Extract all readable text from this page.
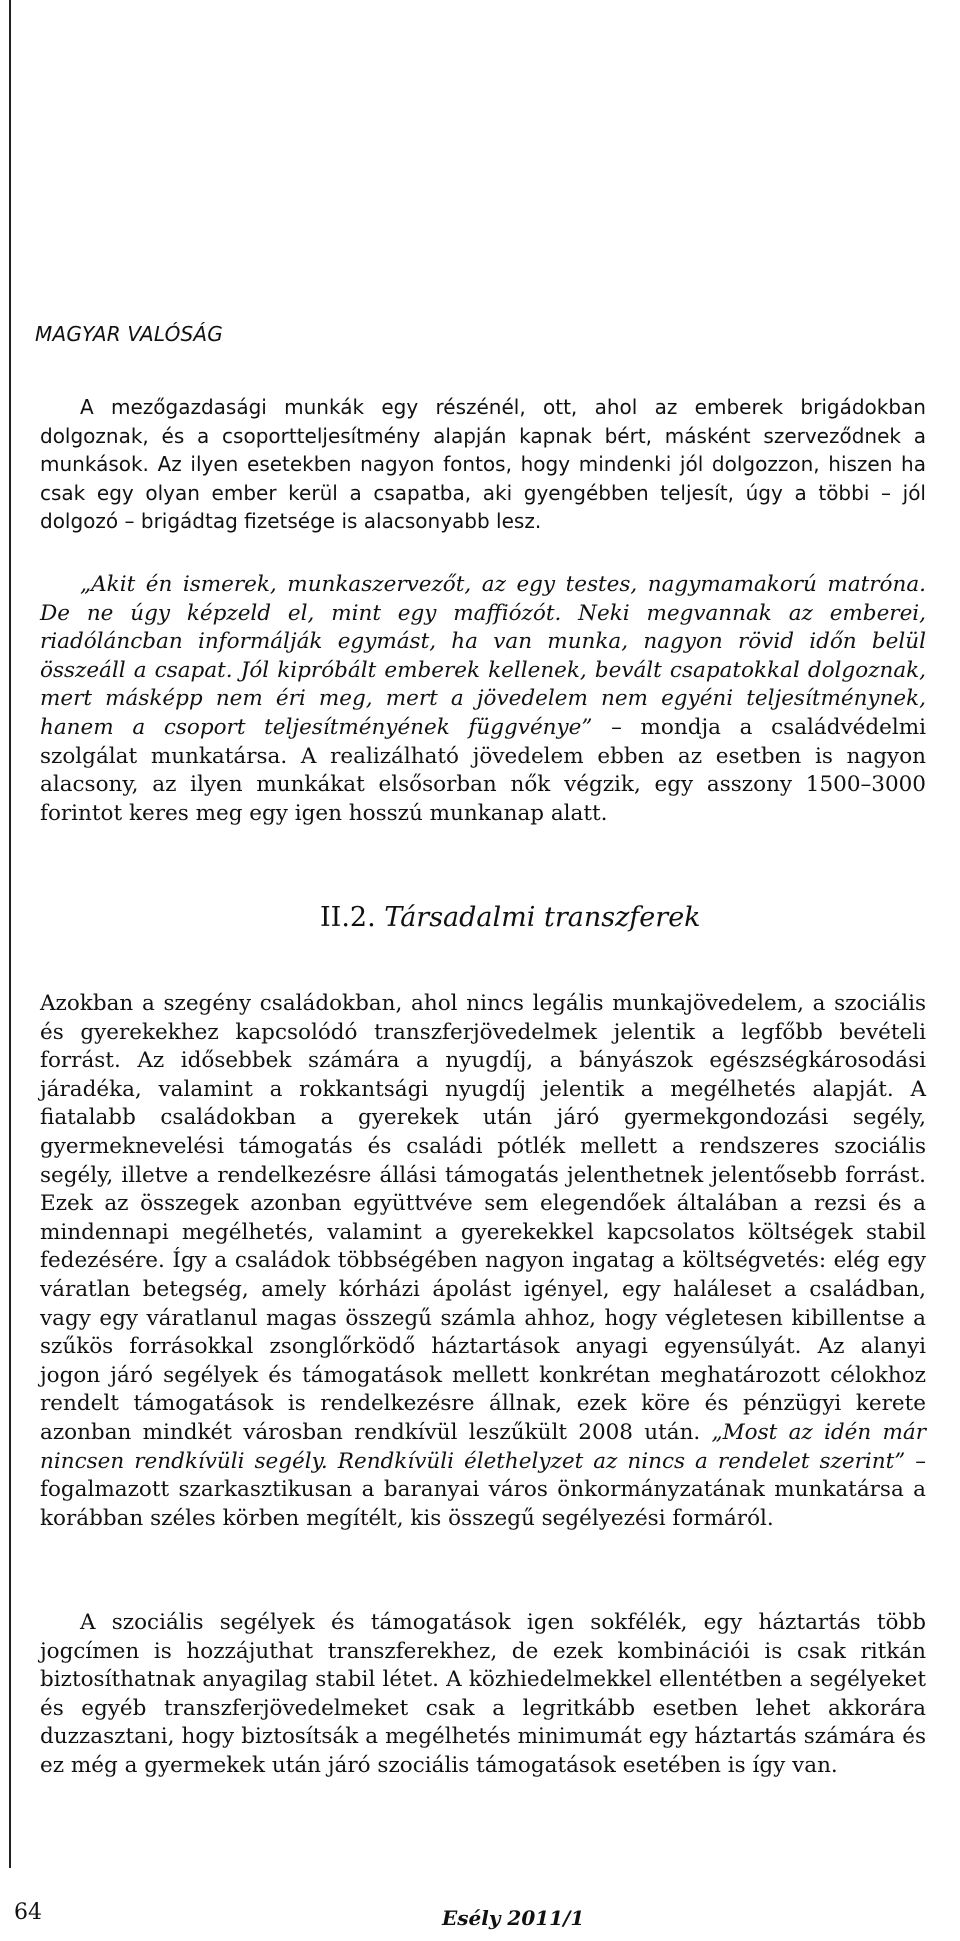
MAGYAR VALÓSÁG

A mezőgazdasági munkák egy részénél, ott, ahol az emberek brigádokban dolgoznak, és a csoportteljesítmény alapján kapnak bért, másként szerveződnek a munkások. Az ilyen esetekben nagyon fontos, hogy mindenki jól dolgozzon, hiszen ha csak egy olyan ember kerül a csapatba, aki gyengébben teljesít, úgy a többi – jól dolgozó – brigádtag fizetsége is alacsonyabb lesz.

„Akit én ismerek, munkaszervezőt, az egy testes, nagymamakorú matróna. De ne úgy képzeld el, mint egy maffiózót. Neki megvannak az emberei, riadóláncban informálják egymást, ha van munka, nagyon rövid időn belül összeáll a csapat. Jól kipróbált emberek kellenek, bevált csapatokkal dolgoznak, mert másképp nem éri meg, mert a jövedelem nem egyéni teljesítménynek, hanem a csoport teljesítményének függvénye” – mondja a családvédelmi szolgálat munkatársa. A realizálható jövedelem ebben az esetben is nagyon alacsony, az ilyen munkákat elsősorban nők végzik, egy asszony 1500–3000 forintot keres meg egy igen hosszú munkanap alatt.

II.2. Társadalmi transzferek

Azokban a szegény családokban, ahol nincs legális munkajövedelem, a szociális és gyerekekhez kapcsolódó transzferjövedelmek jelentik a legfőbb bevételi forrást. Az idősebbek számára a nyugdíj, a bányászok egészségkárosodási járadéka, valamint a rokkantsági nyugdíj jelentik a megélhetés alapját. A fiatalabb családokban a gyerekek után járó gyermekgondozási segély, gyermeknevelési támogatás és családi pótlék mellett a rendszeres szociális segély, illetve a rendelkezésre állási támogatás jelenthetnek jelentősebb forrást. Ezek az összegek azonban együttvéve sem elegendőek általában a rezsi és a mindennapi megélhetés, valamint a gyerekekkel kapcsolatos költségek stabil fedezésére. Így a családok többségében nagyon ingatag a költségvetés: elég egy váratlan betegség, amely kórházi ápolást igényel, egy haláleset a családban, vagy egy váratlanul magas összegű számla ahhoz, hogy végletesen kibillentse a szűkös forrásokkal zsonglőrködő háztartások anyagi egyensúlyát. Az alanyi jogon járó segélyek és támogatások mellett konkrétan meghatározott célokhoz rendelt támogatások is rendelkezésre állnak, ezek köre és pénzügyi kerete azonban mindkét városban rendkívül leszűkült 2008 után. „Most az idén már nincsen rendkívüli segély. Rendkívüli élethelyzet az nincs a rendelet szerint” – fogalmazott szarkasztikusan a baranyai város önkormányzatának munkatársa a korábban széles körben megítélt, kis összegű segélyezési formáról.

A szociális segélyek és támogatások igen sokfélék, egy háztartás több jogcímen is hozzájuthat transzferekhez, de ezek kombinációi is csak ritkán biztosíthatnak anyagilag stabil létet. A közhiedelmekkel ellentétben a segélyeket és egyéb transzferjövedelmeket csak a legritkább esetben lehet akkorára duzzasztani, hogy biztosítsák a megélhetés minimumát egy háztartás számára és ez még a gyermekek után járó szociális támogatások esetében is így van.

64	Esély 2011/1
